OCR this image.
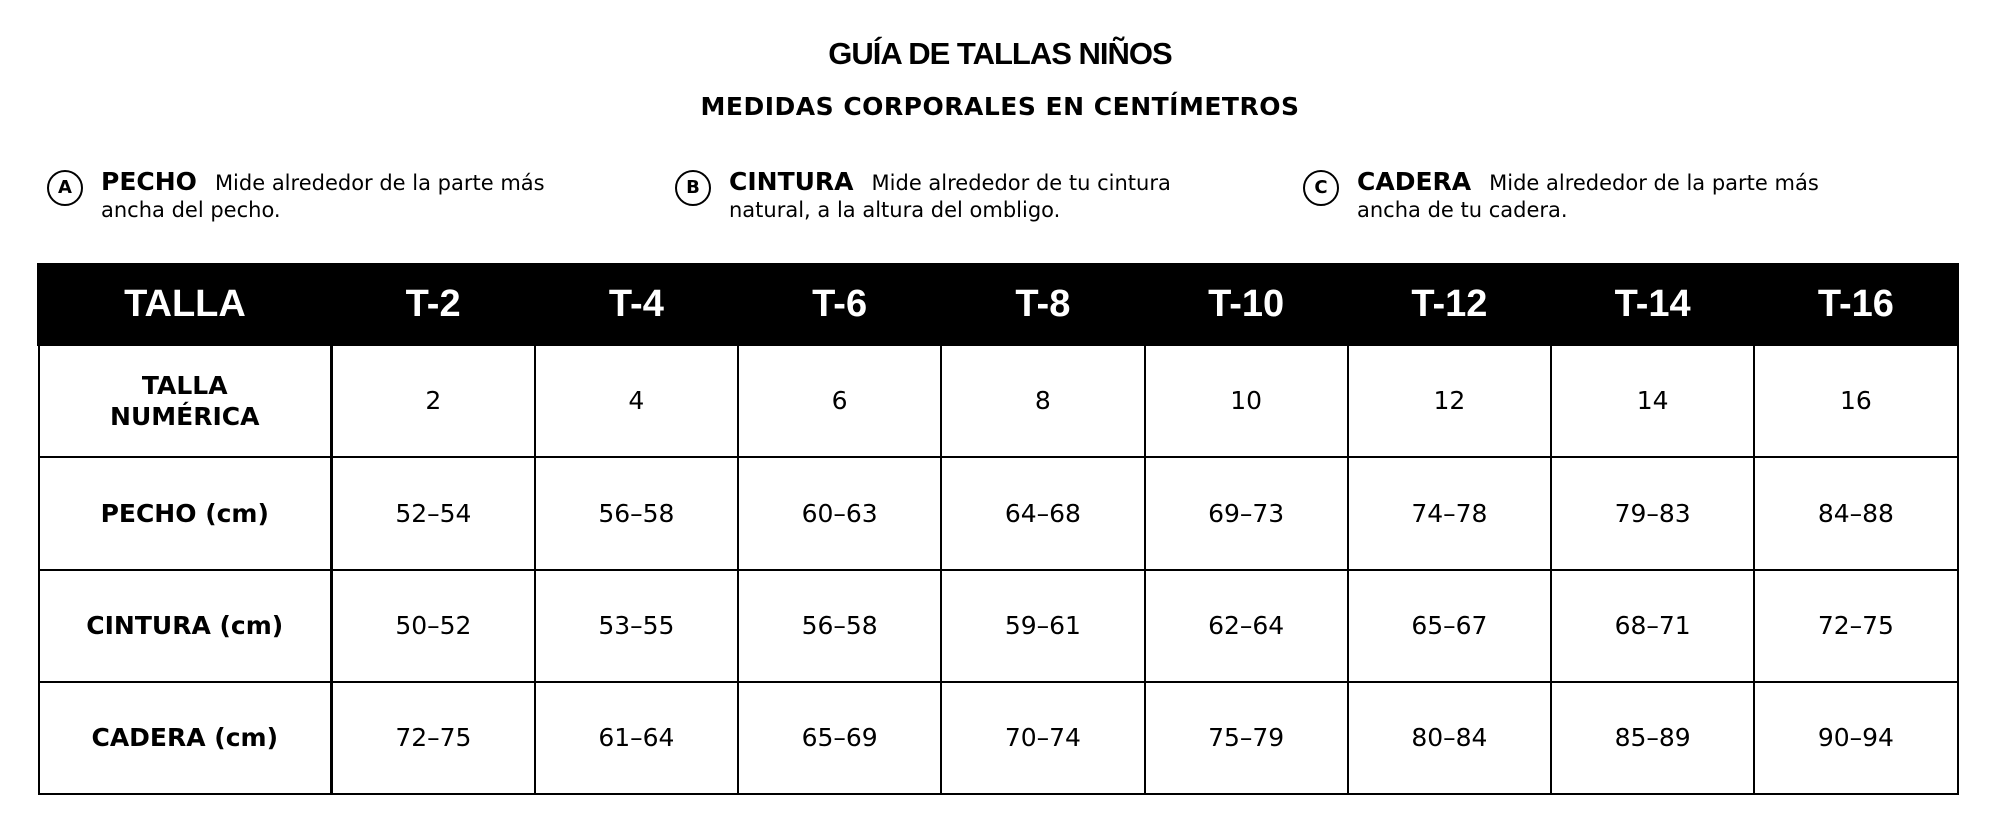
GUÍA DE TALLAS NIÑOS
MEDIDAS CORPORALES EN CENTÍMETROS
A	PECHO Mide alrededor de la parte más ancha del pecho.
B	CINTURA Mide alrededor de tu cintura natural, a la altura del ombligo.
C	CADERA Mide alrededor de la parte más ancha de tu cadera.
TALLA	T-2	T-4	T-6	T-8	T-10	T-12	T-14	T-16

TALLA NUMÉRICA	2	4	6	8	10	12	14	16
PECHO (cm)	52–54	56–58	60–63	64–68	69–73	74–78	79–83	84–88
CINTURA (cm)	50–52	53–55	56–58	59–61	62–64	65–67	68–71	72–75
CADERA (cm)	72–75	61–64	65–69	70–74	75–79	80–84	85–89	90–94
